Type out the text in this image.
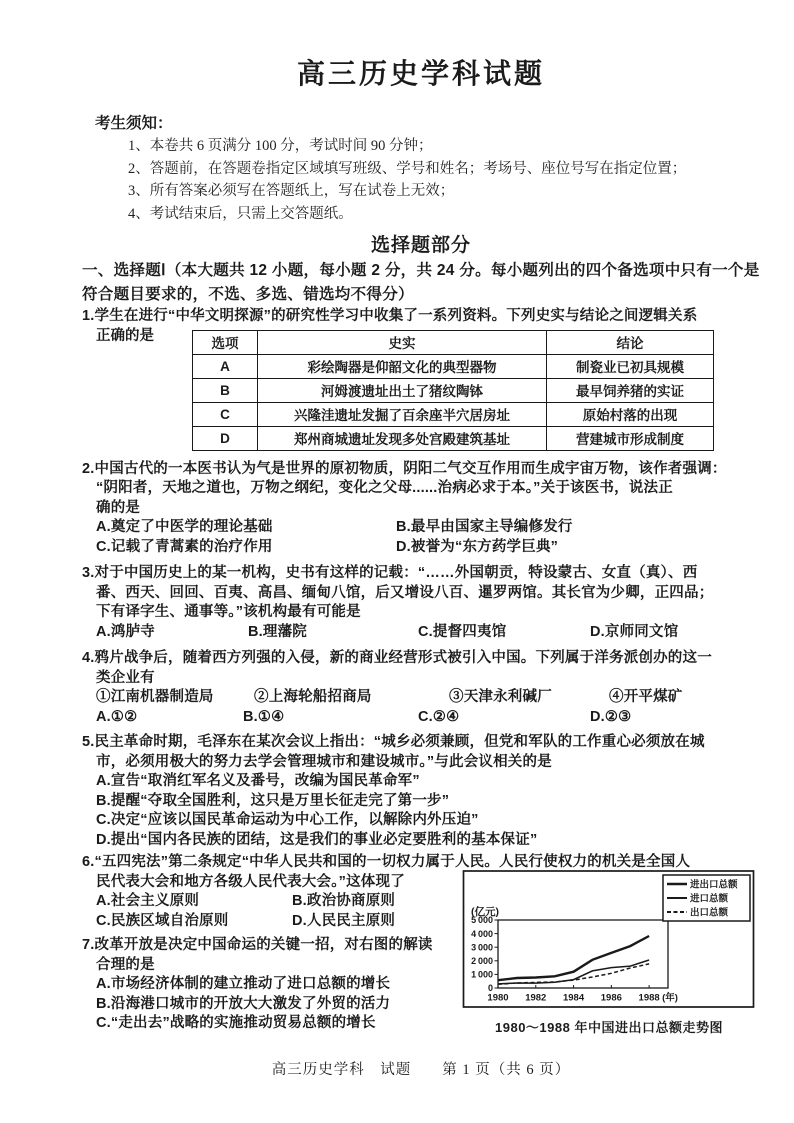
高三历史学科试题
考生须知：
1、本卷共 6 页满分 100 分，考试时间 90 分钟；
2、答题前，在答题卷指定区域填写班级、学号和姓名；考场号、座位号写在指定位置；
3、所有答案必须写在答题纸上，写在试卷上无效；
4、考试结束后，只需上交答题纸。
选择题部分
一、选择题Ⅰ（本大题共 12 小题，每小题 2 分，共 24 分。每小题列出的四个备选项中只有一个是
符合题目要求的，不选、多选、错选均不得分）
1.学生在进行“中华文明探源”的研究性学习中收集了一系列资料。下列史实与结论之间逻辑关系
正确的是	选项	史实	结论
A	彩绘陶器是仰韶文化的典型器物	制瓷业已初具规模
B	河姆渡遗址出土了猪纹陶钵	最早饲养猪的实证
C	兴隆洼遗址发掘了百余座半穴居房址	原始村落的出现
D	郑州商城遗址发现多处宫殿建筑基址	营建城市形成制度
2.中国古代的一本医书认为气是世界的原初物质，阴阳二气交互作用而生成宇宙万物，该作者强调：
“阴阳者，天地之道也，万物之纲纪，变化之父母......治病必求于本。”关于该医书，说法正
确的是
A.奠定了中医学的理论基础	B.最早由国家主导编修发行
C.记载了青蒿素的治疗作用	D.被誉为“东方药学巨典”
3.对于中国历史上的某一机构，史书有这样的记载：“……外国朝贡，特设蒙古、女直（真）、西
番、西天、回回、百夷、高昌、缅甸八馆，后又增设八百、暹罗两馆。其长官为少卿，正四品；
下有译字生、通事等。”该机构最有可能是
A.鸿胪寺	B.理藩院	C.提督四夷馆	D.京师同文馆
4.鸦片战争后，随着西方列强的入侵，新的商业经营形式被引入中国。下列属于洋务派创办的这一
类企业有
①江南机器制造局	②上海轮船招商局	③天津永利碱厂	④开平煤矿
A.①②	B.①④	C.②④	D.②③
5.民主革命时期，毛泽东在某次会议上指出：“城乡必须兼顾，但党和军队的工作重心必须放在城
市，必须用极大的努力去学会管理城市和建设城市。”与此会议相关的是
A.宣告“取消红军名义及番号，改编为国民革命军”
B.提醒“夺取全国胜利，这只是万里长征走完了第一步”
C.决定“应该以国民革命运动为中心工作，以解除内外压迫”
D.提出“国内各民族的团结，这是我们的事业必定要胜利的基本保证”
6.“五四宪法”第二条规定“中华人民共和国的一切权力属于人民。人民行使权力的机关是全国人
民代表大会和地方各级人民代表大会。”这体现了
A.社会主义原则	B.政治协商原则
C.民族区域自治原则	D.人民民主原则
7.改革开放是决定中国命运的关键一招，对右图的解读
合理的是
A.市场经济体制的建立推动了进口总额的增长
B.沿海港口城市的开放大大激发了外贸的活力
C.“走出去”战略的实施推动贸易总额的增长
(亿元)
0
1 000
2 000
3 000
4 000
5 000
1980 1982 1984 1986 1988 (年)
进出口总额
进口总额
出口总额
1980～1988 年中国进出口总额走势图
高三历史学科　试题　　第 1 页（共 6 页）
